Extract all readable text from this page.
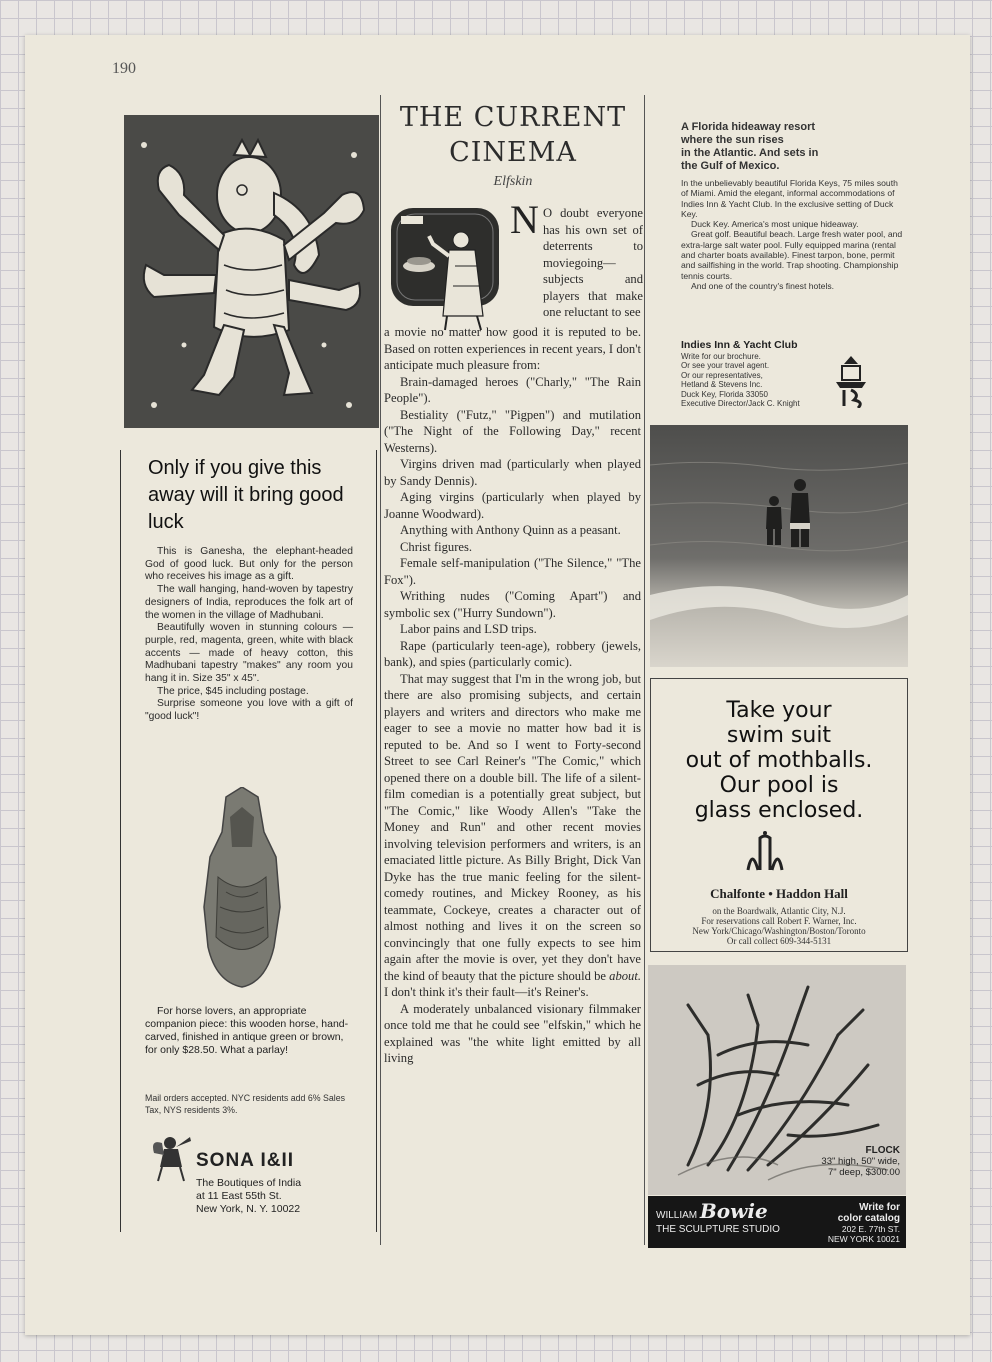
190
Only if you give this away will it bring good luck

This is Ganesha, the elephant-headed God of good luck. But only for the person who receives his image as a gift.

The wall hanging, hand-woven by tapestry designers of India, reproduces the folk art of the women in the village of Madhubani.

Beautifully woven in stunning colours — purple, red, magenta, green, white with black accents — made of heavy cotton, this Madhubani tapestry "makes" any room you hang it in. Size 35" x 45".

The price, $45 including postage.

Surprise someone you love with a gift of "good luck"!

For horse lovers, an appropriate companion piece: this wooden horse, hand-carved, finished in antique green or brown, for only $28.50. What a parlay!
Mail orders accepted. NYC residents add 6% Sales Tax, NYS residents 3%.
SONA I&II
The Boutiques of India
at 11 East 55th St.
New York, N. Y. 10022
THE CURRENT
CINEMA
Elfskin
N O doubt everyone has his own set of deterrents to moviegoing—subjects and players that make one reluctant to see

a movie no matter how good it is reputed to be. Based on rotten experiences in recent years, I don't anticipate much pleasure from:

Brain-damaged heroes ("Charly," "The Rain People").

Bestiality ("Futz," "Pigpen") and mutilation ("The Night of the Following Day," recent Westerns).

Virgins driven mad (particularly when played by Sandy Dennis).

Aging virgins (particularly when played by Joanne Woodward).

Anything with Anthony Quinn as a peasant.

Christ figures.

Female self-manipulation ("The Silence," "The Fox").

Writhing nudes ("Coming Apart") and symbolic sex ("Hurry Sundown").

Labor pains and LSD trips.

Rape (particularly teen-age), robbery (jewels, bank), and spies (particularly comic).

That may suggest that I'm in the wrong job, but there are also promising subjects, and certain players and writers and directors who make me eager to see a movie no matter how bad it is reputed to be. And so I went to Forty-second Street to see Carl Reiner's "The Comic," which opened there on a double bill. The life of a silent-film comedian is a potentially great subject, but "The Comic," like Woody Allen's "Take the Money and Run" and other recent movies involving television performers and writers, is an emaciated little picture. As Billy Bright, Dick Van Dyke has the true manic feeling for the silent-comedy routines, and Mickey Rooney, as his teammate, Cockeye, creates a character out of almost nothing and lives it on the screen so convincingly that one fully expects to see him again after the movie is over, yet they don't have the kind of beauty that the picture should be about. I don't think it's their fault—it's Reiner's.

A moderately unbalanced visionary filmmaker once told me that he could see "elfskin," which he explained was "the white light emitted by all living

A Florida hideaway resort
where the sun rises
in the Atlantic. And sets in
the Gulf of Mexico.

In the unbelievably beautiful Florida Keys, 75 miles south of Miami. Amid the elegant, informal accommodations of Indies Inn & Yacht Club. In the exclusive setting of Duck Key.

Duck Key. America's most unique hideaway.

Great golf. Beautiful beach. Large fresh water pool, and extra-large salt water pool. Fully equipped marina (rental and charter boats available). Finest tarpon, bone, permit and sailfishing in the world. Trap shooting. Championship tennis courts.

And one of the country's finest hotels.

Indies Inn & Yacht Club
Write for our brochure.
Or see your travel agent.
Or our representatives,
Hetland & Stevens Inc.
Duck Key, Florida 33050
Executive Director/Jack C. Knight
Take your
swim suit
out of mothballs.
Our pool is
glass enclosed.
Chalfonte • Haddon Hall
on the Boardwalk, Atlantic City, N.J.
For reservations call Robert F. Warner, Inc.
New York/Chicago/Washington/Boston/Toronto
Or call collect 609-344-5131
FLOCK
33" high, 50" wide,
7" deep, $300.00
WILLIAM Bowie
THE SCULPTURE STUDIO
Write for
color catalog
202 E. 77th ST.
NEW YORK 10021
